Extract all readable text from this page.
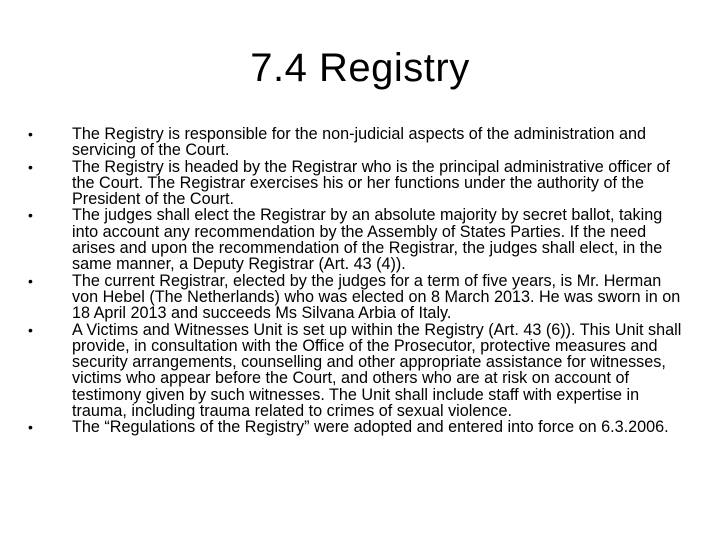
7.4 Registry
•	The Registry is responsible for the non-judicial aspects of the administration and servicing of the Court.
•	The Registry is headed by the Registrar who is the principal administrative officer of the Court. The Registrar exercises his or her functions under the authority of the President of the Court.
•	The judges shall elect the Registrar by an absolute majority by secret ballot, taking into account any recommendation by the Assembly of States Parties. If the need arises and upon the recommendation of the Registrar, the judges shall elect, in the same manner, a Deputy Registrar (Art. 43 (4)).
•	The current Registrar, elected by the judges for a term of five years, is Mr. Herman von Hebel (The Netherlands) who was elected on 8 March 2013. He was sworn in on 18 April 2013 and succeeds Ms Silvana Arbia of Italy.
•	A Victims and Witnesses Unit is set up within the Registry (Art. 43 (6)). This Unit shall provide, in consultation with the Office of the Prosecutor, protective measures and security arrangements, counselling and other appropriate assistance for witnesses, victims who appear before the Court, and others who are at risk on account of testimony given by such witnesses. The Unit shall include staff with expertise in trauma, including trauma related to crimes of sexual violence.
•	The “Regulations of the Registry” were adopted and entered into force on 6.3.2006.
